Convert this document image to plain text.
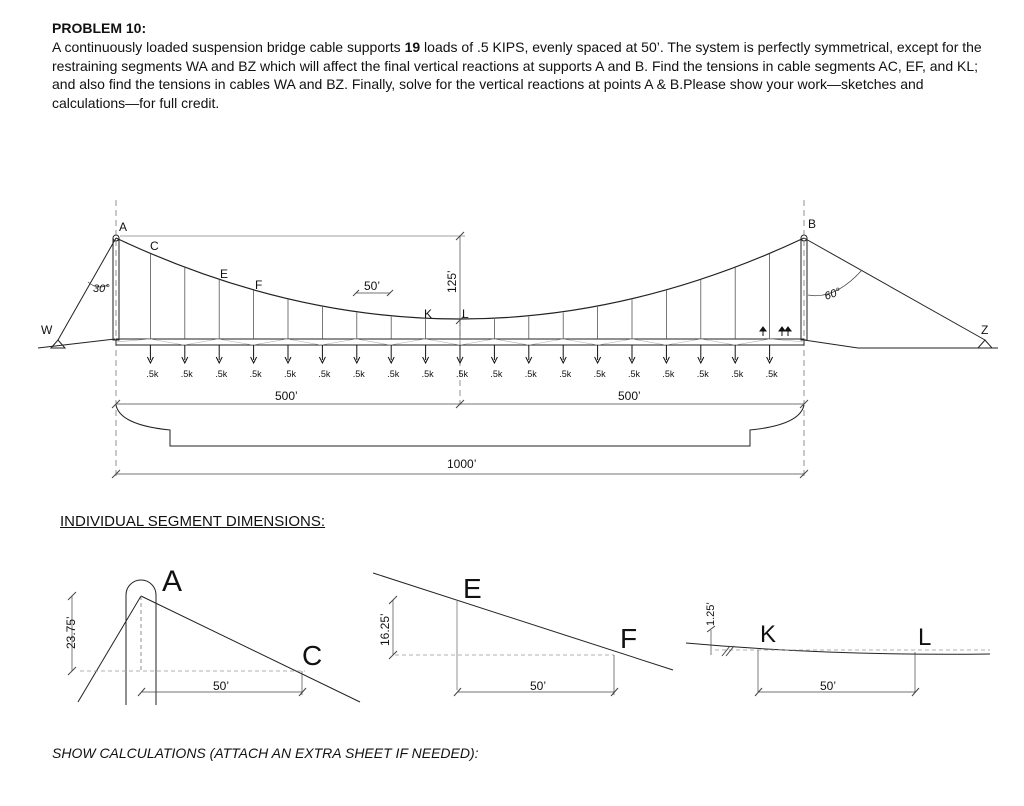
PROBLEM 10:

A continuously loaded suspension bridge cable supports 19 loads of .5 KIPS, evenly spaced at 50’. The system is perfectly symmetrical, except for the restraining segments WA and BZ which will affect the final vertical reactions at supports A and B. Find the tensions in cable segments AC, EF, and KL; and also find the tensions in cables WA and BZ. Finally, solve for the vertical reactions at points A & B.Please show your work—sketches and calculations—for full credit.

.5k .5k .5k .5k .5k .5k .5k .5k .5k .5k .5k .5k .5k .5k .5k .5k .5k .5k .5k
125’
50’
W
A
C
E
F
K L
B
Z
30°	60°
500’	500’
1000’
23.75’
50’
A
C
16.25’
50’
E
F
1.25’
50’
K	L

INDIVIDUAL SEGMENT DIMENSIONS:

SHOW CALCULATIONS (ATTACH AN EXTRA SHEET IF NEEDED):
